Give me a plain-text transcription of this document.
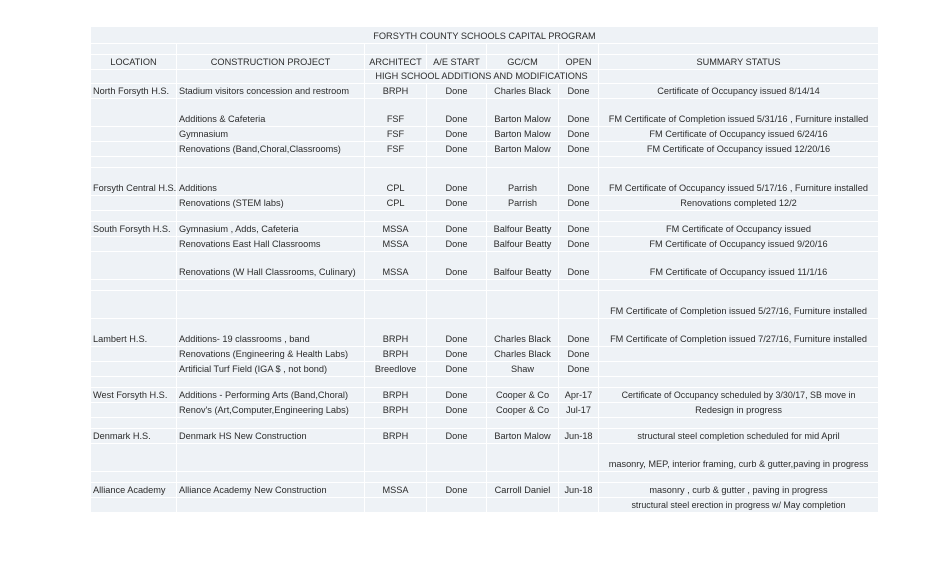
FORSYTH COUNTY SCHOOLS CAPITAL PROGRAM						

LOCATION	CONSTRUCTION PROJECT	ARCHITECT	A/E START	GC/CM	OPEN	SUMMARY STATUS
		HIGH SCHOOL ADDITIONS AND MODIFICATIONS				
North Forsyth H.S.	Stadium visitors concession and restroom	BRPH	Done	Charles Black	Done	Certificate of Occupancy issued 8/14/14
	Additions & Cafeteria	FSF	Done	Barton Malow	Done	FM Certificate of Completion issued 5/31/16 , Furniture installed
	Gymnasium	FSF	Done	Barton Malow	Done	FM Certificate of Occupancy issued 6/24/16
	Renovations (Band,Choral,Classrooms)	FSF	Done	Barton Malow	Done	FM Certificate of Occupancy issued 12/20/16

Forsyth Central H.S.	Additions	CPL	Done	Parrish	Done	FM Certificate of Occupancy issued 5/17/16 , Furniture installed
	Renovations (STEM labs)	CPL	Done	Parrish	Done	Renovations completed 12/2

South Forsyth H.S.	Gymnasium , Adds, Cafeteria	MSSA	Done	Balfour Beatty	Done	FM Certificate of Occupancy issued
	Renovations East Hall Classrooms	MSSA	Done	Balfour Beatty	Done	FM Certificate of Occupancy issued 9/20/16
	Renovations (W Hall Classrooms, Culinary)	MSSA	Done	Balfour Beatty	Done	FM Certificate of Occupancy issued 11/1/16

						FM Certificate of Completion issued 5/27/16, Furniture installed
Lambert H.S.	Additions- 19 classrooms , band	BRPH	Done	Charles Black	Done	FM Certificate of Completion issued 7/27/16, Furniture installed
	Renovations (Engineering & Health Labs)	BRPH	Done	Charles Black	Done	
	Artificial Turf Field (IGA $ , not bond)	Breedlove	Done	Shaw	Done	

West Forsyth H.S.	Additions - Performing Arts (Band,Choral)	BRPH	Done	Cooper & Co	Apr-17	Certificate of Occupancy scheduled by 3/30/17, SB move in
	Renov's (Art,Computer,Engineering Labs)	BRPH	Done	Cooper & Co	Jul-17	Redesign in progress

Denmark H.S.	Denmark HS New Construction	BRPH	Done	Barton Malow	Jun-18	structural steel completion scheduled for mid April
						masonry, MEP, interior framing, curb & gutter,paving in progress

Alliance Academy	Alliance Academy New Construction	MSSA	Done	Carroll Daniel	Jun-18	masonry , curb & gutter , paving in progress
						structural steel erection in progress w/ May completion
